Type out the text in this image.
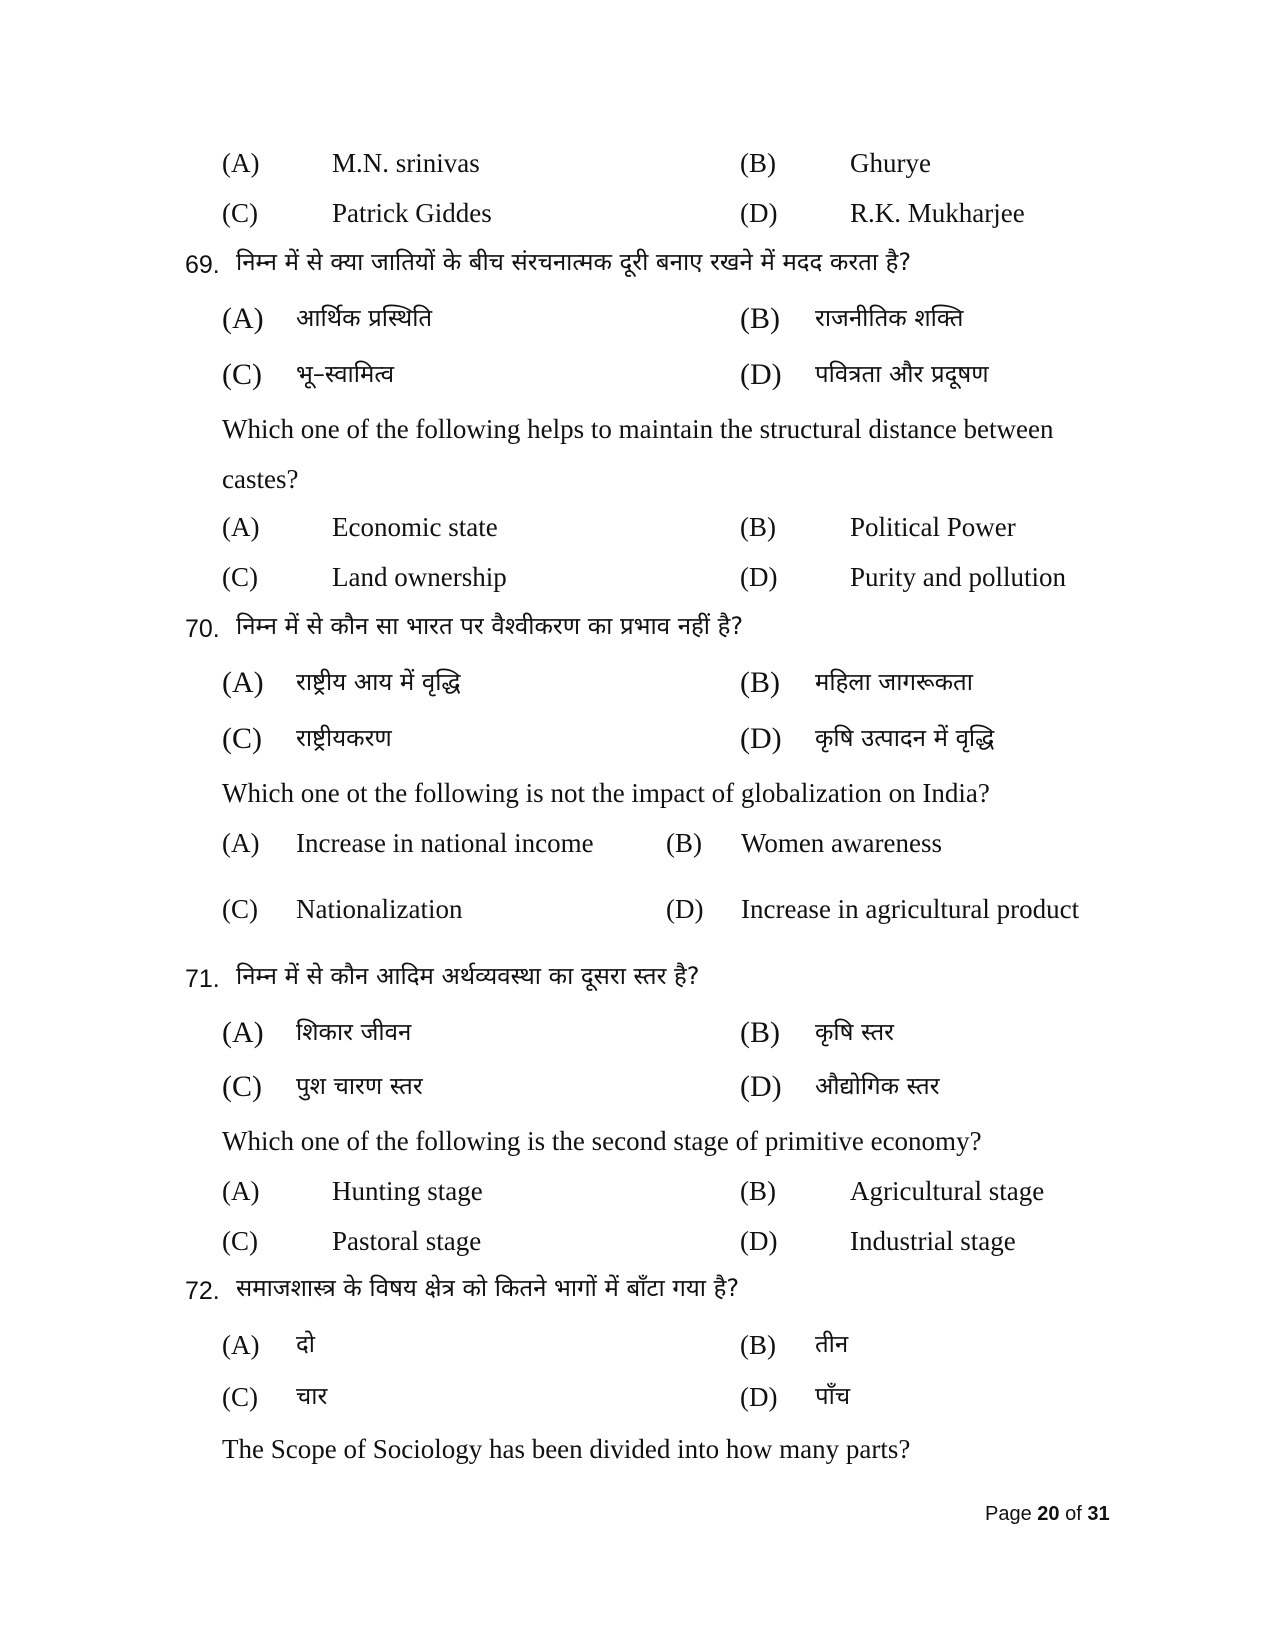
(A)	M.N. srinivas	(B)	Ghurye
(C)	Patrick Giddes	(D)	R.K. Mukharjee
69. निम्न में से क्या जातियों के बीच संरचनात्मक दूरी बनाए रखने में मदद करता है?
(A) आर्थिक प्रस्थिति	(B) राजनीतिक शक्ति
(C) भू–स्वामित्व	(D) पवित्रता और प्रदूषण
Which one of the following helps to maintain the structural distance between
castes?
(A)	Economic state	(B)	Political Power
(C)	Land ownership	(D)	Purity and pollution
70. निम्न में से कौन सा भारत पर वैश्वीकरण का प्रभाव नहीं है?
(A) राष्ट्रीय आय में वृद्धि	(B) महिला जागरूकता
(C) राष्ट्रीयकरण	(D) कृषि उत्पादन में वृद्धि
Which one ot the following is not the impact of globalization on India?
(A) Increase in national income	(B) Women awareness
(C) Nationalization	(D) Increase in agricultural product
71. निम्न में से कौन आदिम अर्थव्यवस्था का दूसरा स्तर है?
(A) शिकार जीवन	(B) कृषि स्तर
(C) पुश चारण स्तर	(D) औद्योगिक स्तर
Which one of the following is the second stage of primitive economy?
(A)	Hunting stage	(B)	Agricultural stage
(C)	Pastoral stage	(D)	Industrial stage
72. समाजशास्त्र के विषय क्षेत्र को कितने भागों में बाँटा गया है?
(A) दो	(B) तीन
(C) चार	(D) पाँच
The Scope of Sociology has been divided into how many parts?
Page 20 of 31
